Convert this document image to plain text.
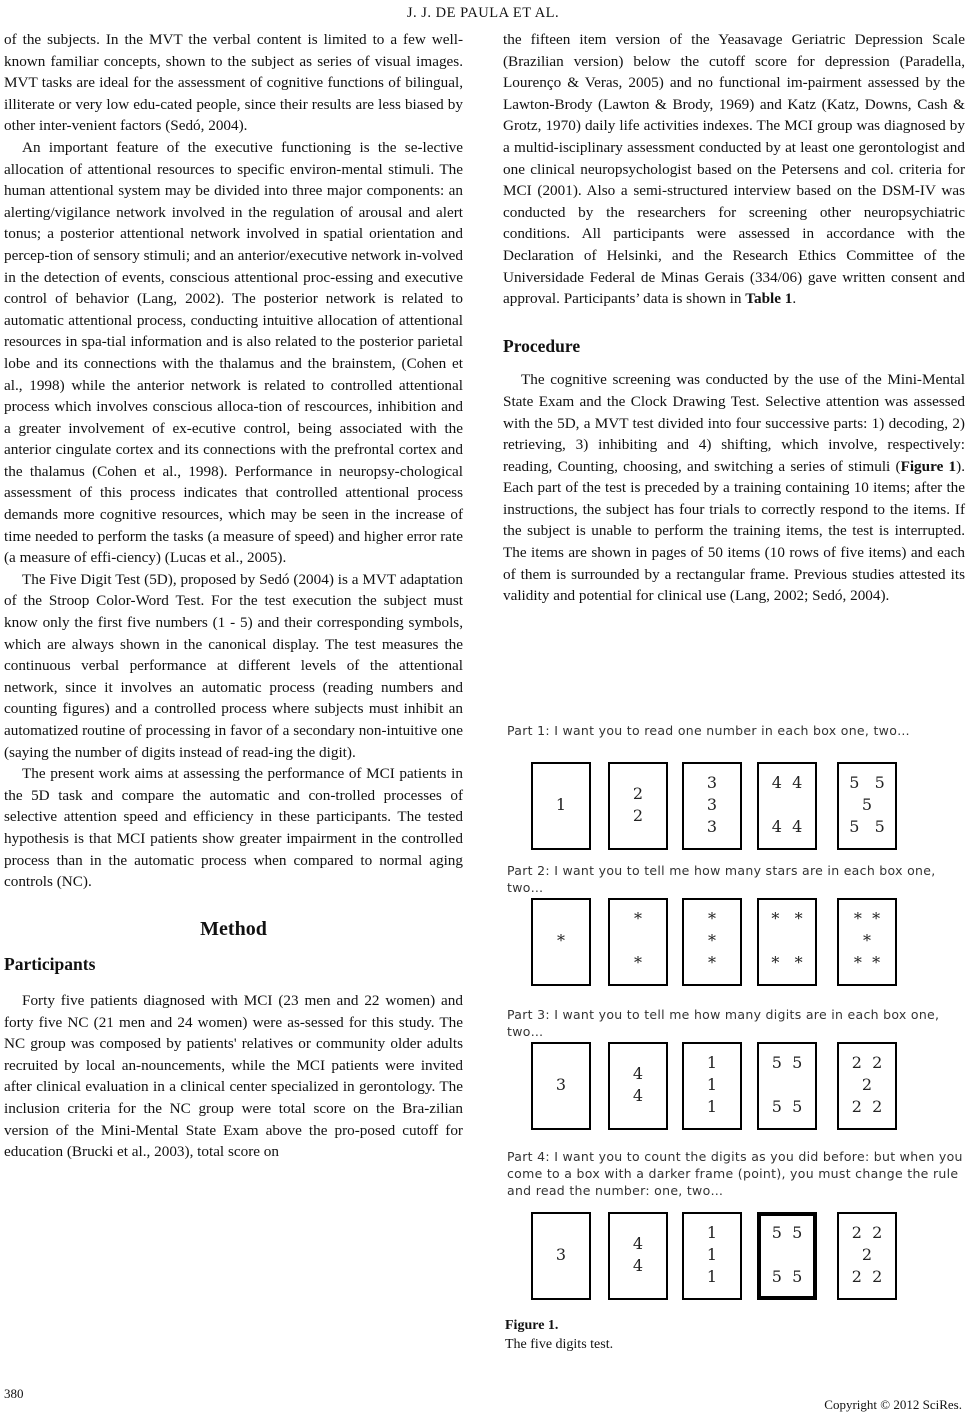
J. J. DE PAULA ET AL.

of the subjects. In the MVT the verbal content is limited to a few well-known familiar concepts, shown to the subject as series of visual images. MVT tasks are ideal for the assessment of cognitive functions of bilingual, illiterate or very low edu-cated people, since their results are less biased by other inter-venient factors (Sedó, 2004).

An important feature of the executive functioning is the se-lective allocation of attentional resources to specific environ-mental stimuli. The human attentional system may be divided into three major components: an alerting/vigilance network involved in the regulation of arousal and alert tonus; a posterior attentional network involved in spatial orientation and percep-tion of sensory stimuli; and an anterior/executive network in-volved in the detection of events, conscious attentional proc-essing and executive control of behavior (Lang, 2002). The posterior network is related to automatic attentional process, conducting intuitive allocation of attentional resources in spa-tial information and is also related to the posterior parietal lobe and its connections with the thalamus and the brainstem, (Cohen et al., 1998) while the anterior network is related to controlled attentional process which involves conscious alloca-tion of rescources, inhibition and a greater involvement of ex-ecutive control, being associated with the anterior cingulate cortex and its connections with the prefrontal cortex and the thalamus (Cohen et al., 1998). Performance in neuropsy-chological assessment of this process indicates that controlled attentional process demands more cognitive resources, which may be seen in the increase of time needed to perform the tasks (a measure of speed) and higher error rate (a measure of effi-ciency) (Lucas et al., 2005).

The Five Digit Test (5D), proposed by Sedó (2004) is a MVT adaptation of the Stroop Color-Word Test. For the test execution the subject must know only the first five numbers (1 - 5) and their corresponding symbols, which are always shown in the canonical display. The test measures the continuous verbal performance at different levels of the attentional network, since it involves an automatic process (reading numbers and counting figures) and a controlled process where subjects must inhibit an automatized routine of processing in favor of a secondary non-intuitive one (saying the number of digits instead of read-ing the digit).

The present work aims at assessing the performance of MCI patients in the 5D task and compare the automatic and con-trolled processes of selective attention speed and efficiency in these participants. The tested hypothesis is that MCI patients show greater impairment in the controlled process than in the automatic process when compared to normal aging controls (NC).

Method
Participants

Forty five patients diagnosed with MCI (23 men and 22 women) and forty five NC (21 men and 24 women) were as-sessed for this study. The NC group was composed by patients' relatives or community older adults recruited by local an-nouncements, while the MCI patients were invited after clinical evaluation in a clinical center specialized in gerontology. The inclusion criteria for the NC group were total score on the Bra-zilian version of the Mini-Mental State Exam above the pro-posed cutoff for education (Brucki et al., 2003), total score on

the fifteen item version of the Yeasavage Geriatric Depression Scale (Brazilian version) below the cutoff score for depression (Paradella, Lourenço & Veras, 2005) and no functional im-pairment assessed by the Lawton-Brody (Lawton & Brody, 1969) and Katz (Katz, Downs, Cash & Grotz, 1970) daily life activities indexes. The MCI group was diagnosed by a multid-isciplinary assessment conducted by at least one gerontologist and one clinical neuropsychologist based on the Petersens and col. criteria for MCI (2001). Also a semi-structured interview based on the DSM-IV was conducted by the researchers for screening other neuropsychiatric conditions. All participants were assessed in accordance with the Declaration of Helsinki, and the Research Ethics Committee of the Universidade Federal de Minas Gerais (334/06) gave written consent and approval. Participants’ data is shown in Table 1.

Procedure

The cognitive screening was conducted by the use of the Mini-Mental State Exam and the Clock Drawing Test. Selective attention was assessed with the 5D, a MVT test divided into four successive parts: 1) decoding, 2) retrieving, 3) inhibiting and 4) shifting, which involve, respectively: reading, Counting, choosing, and switching a series of stimuli (Figure 1). Each part of the test is preceded by a training containing 10 items; after the instructions, the subject has four trials to correctly respond to the items. If the subject is unable to perform the training items, the test is interrupted. The items are shown in pages of 50 items (10 rows of five items) and each of them is surrounded by a rectangular frame. Previous studies attested its validity and potential for clinical use (Lang, 2002; Sedó, 2004).

Part 1: I want you to read one number in each box one, two…
1
2
2
3
3
3
4  4
4  4
5   5
5
5   5
Part 2: I want you to tell me how many stars are in each box one, two…
*
*
*
*
*
*
*   *
*   *
*  *
*
*  *
Part 3: I want you to tell me how many digits are in each box one, two…
3
4
4
1
1
1
5  5
5  5
2  2
2
2  2
Part 4: I want you to count the digits as you did before: but when you come to a box with a darker frame (point), you must change the rule and read the number: one, two…
3
4
4
1
1
1
5  5
5  5
2  2
2
2  2
Figure 1.
The five digits test.
380
Copyright © 2012 SciRes.
